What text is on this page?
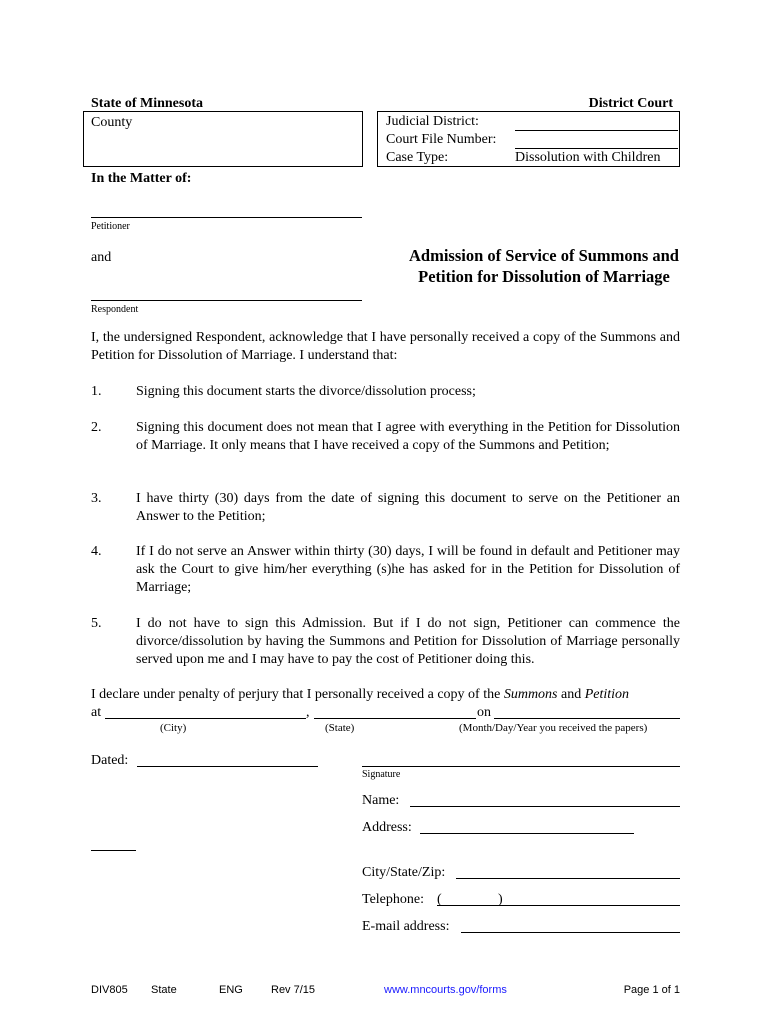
State of Minnesota	District Court
County	Judicial District:
Court File Number:
Case Type:	Dissolution with Children
In the Matter of:
Petitioner
and
Respondent
Admission of Service of Summons and
Petition for Dissolution of Marriage
I, the undersigned Respondent, acknowledge that I have personally received a copy of the Summons and Petition for Dissolution of Marriage. I understand that:
1. Signing this document starts the divorce/dissolution process;
2. Signing this document does not mean that I agree with everything in the Petition for Dissolution of Marriage. It only means that I have received a copy of the Summons and Petition;
3. I have thirty (30) days from the date of signing this document to serve on the Petitioner an Answer to the Petition;
4. If I do not serve an Answer within thirty (30) days, I will be found in default and Petitioner may ask the Court to give him/her everything (s)he has asked for in the Petition for Dissolution of Marriage;
5. I do not have to sign this Admission. But if I do not sign, Petitioner can commence the divorce/dissolution by having the Summons and Petition for Dissolution of Marriage personally served upon me and I may have to pay the cost of Petitioner doing this.
I declare under penalty of perjury that I personally received a copy of the Summons and Petition
at	,	on
(City)	(State)	(Month/Day/Year you received the papers)
Dated:
Signature
Name:
Address:
City/State/Zip:
Telephone: (	)
E-mail address:
DIV805 State	ENG	Rev 7/15	www.mncourts.gov/forms	Page 1 of 1
